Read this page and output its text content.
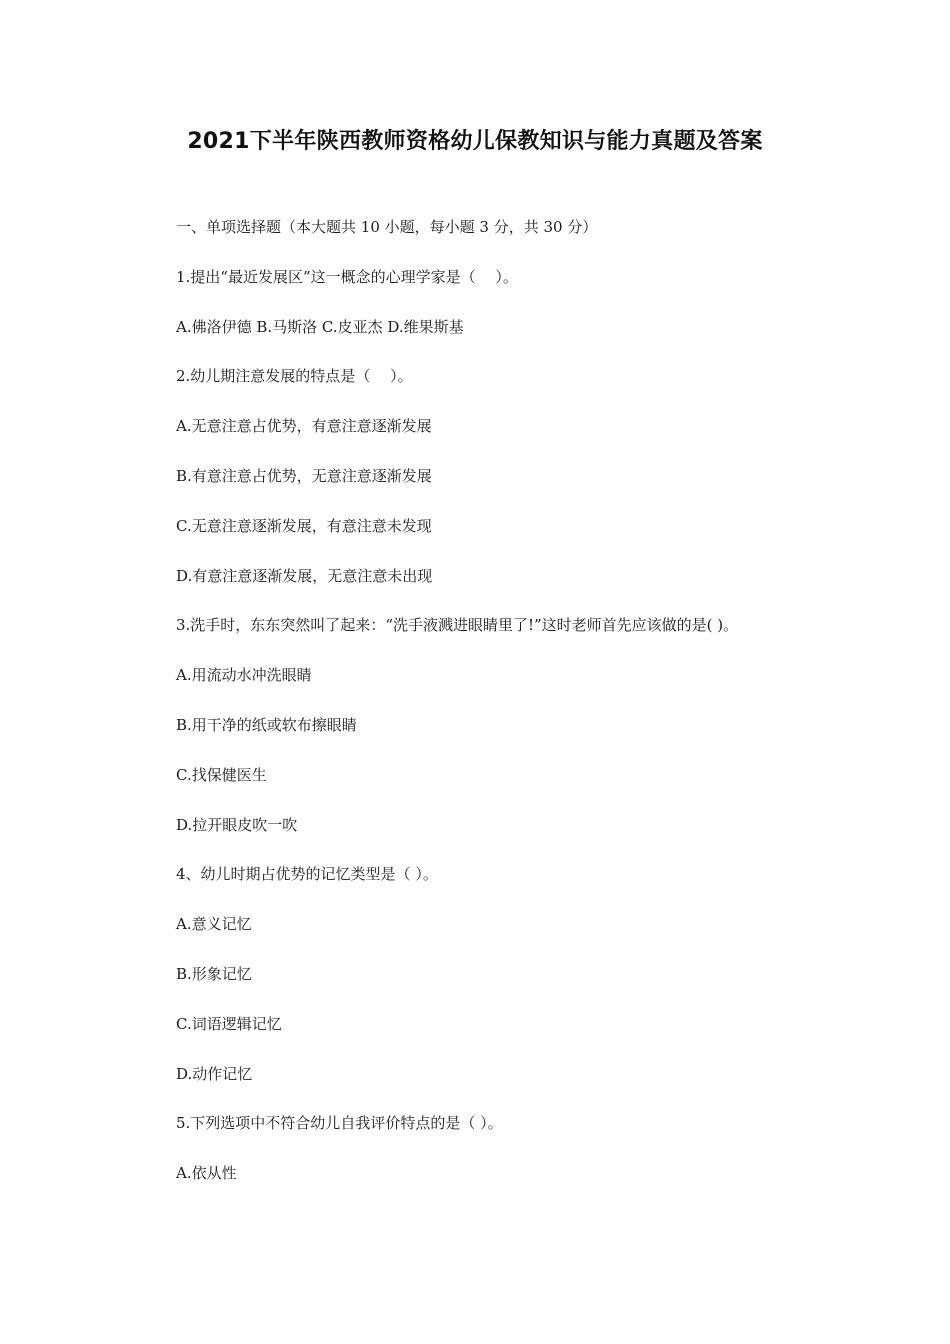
2021下半年陕西教师资格幼儿保教知识与能力真题及答案
一、单项选择题（本大题共 10 小题，每小题 3 分，共 30 分）
1.提出“最近发展区”这一概念的心理学家是（　 ）。
A.佛洛伊德 B.马斯洛 C.皮亚杰 D.维果斯基
2.幼儿期注意发展的特点是（　 ）。
A.无意注意占优势，有意注意逐渐发展
B.有意注意占优势，无意注意逐渐发展
C.无意注意逐渐发展，有意注意未发现
D.有意注意逐渐发展，无意注意未出现
3.洗手时，东东突然叫了起来：“洗手液溅进眼睛里了!”这时老师首先应该做的是( )。
A.用流动水冲洗眼睛
B.用干净的纸或软布擦眼睛
C.找保健医生
D.拉开眼皮吹一吹
4、幼儿时期占优势的记忆类型是（ ）。
A.意义记忆
B.形象记忆
C.词语逻辑记忆
D.动作记忆
5.下列选项中不符合幼儿自我评价特点的是（ ）。
A.依从性
